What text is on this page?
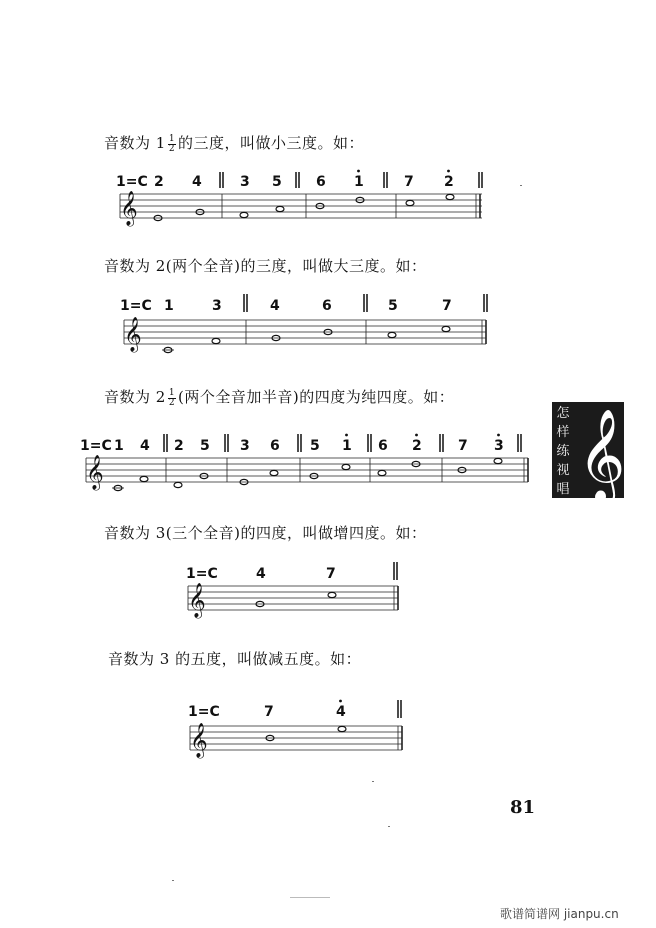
音数为 $1 \frac{1}{2}$ 的三度，叫做小三度。如：
1=C 2 4	3 5 6 1	7 2
𝄞
音数为 2(两个全音)的三度，叫做大三度。如：
1=C 1	3	4	6	5	7
𝄞
音数为 $2 \frac{1}{2}$ (两个全音加半音)的四度为纯四度。如：
1=C 1 4 2 5 3 6 5 1 6 2	7 3
𝄞
怎
样
练
视
唱 𝄞
音数为 3(三个全音)的四度，叫做增四度。如：
1=C	4	7
𝄞
音数为 3 的五度，叫做减五度。如：
1=C	7	4
𝄞
81
歌谱简谱网 jianpu.cn
